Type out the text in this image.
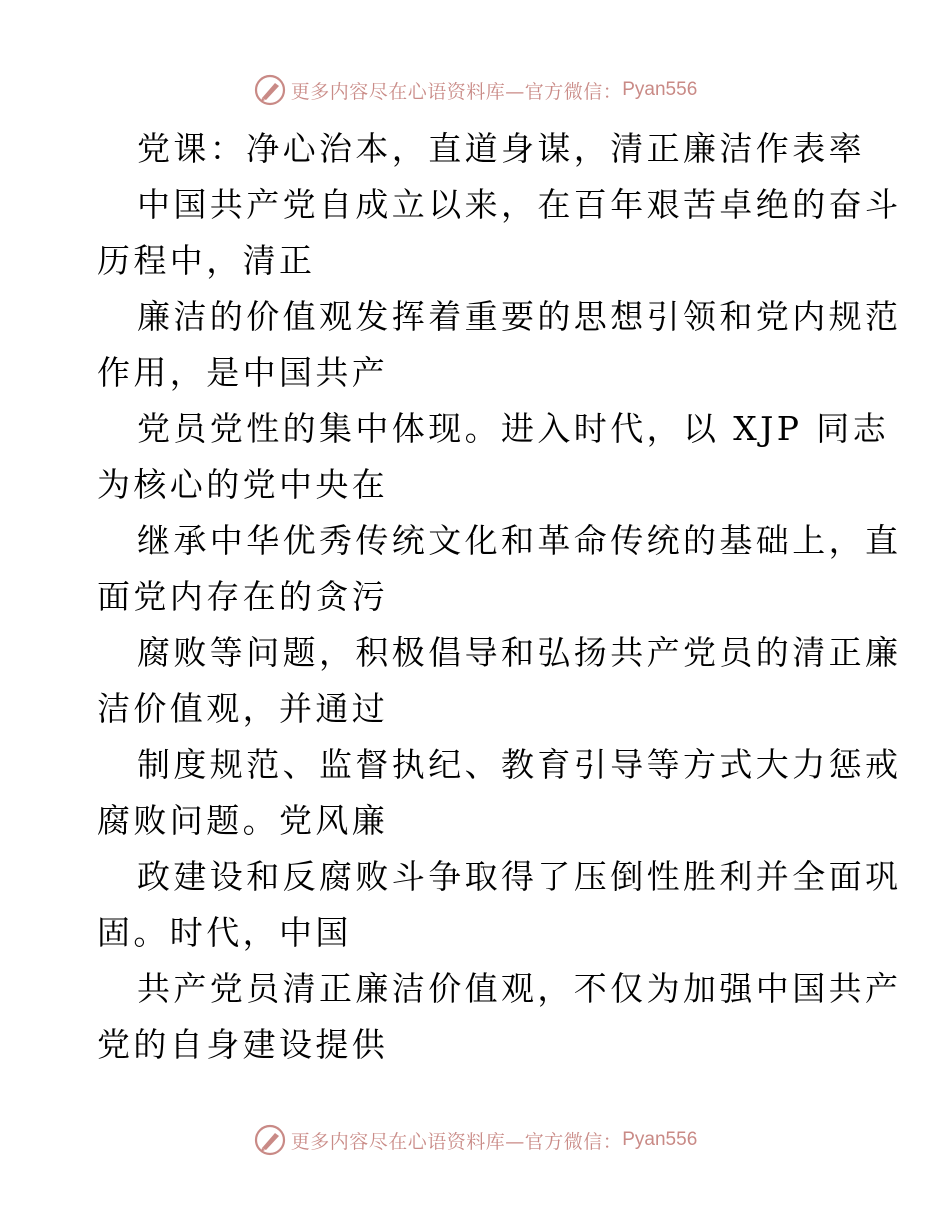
更多内容尽在心语资料库—官方微信： Pyan556
党课：净心治本，直道身谋，清正廉洁作表率
中国共产党自成立以来，在百年艰苦卓绝的奋斗
历程中，清正
廉洁的价值观发挥着重要的思想引领和党内规范
作用，是中国共产
党员党性的集中体现。进入时代，以 XJP 同志
为核心的党中央在
继承中华优秀传统文化和革命传统的基础上，直
面党内存在的贪污
腐败等问题，积极倡导和弘扬共产党员的清正廉
洁价值观，并通过
制度规范、监督执纪、教育引导等方式大力惩戒
腐败问题。党风廉
政建设和反腐败斗争取得了压倒性胜利并全面巩
固。时代，中国
共产党员清正廉洁价值观，不仅为加强中国共产
党的自身建设提供
更多内容尽在心语资料库—官方微信： Pyan556
